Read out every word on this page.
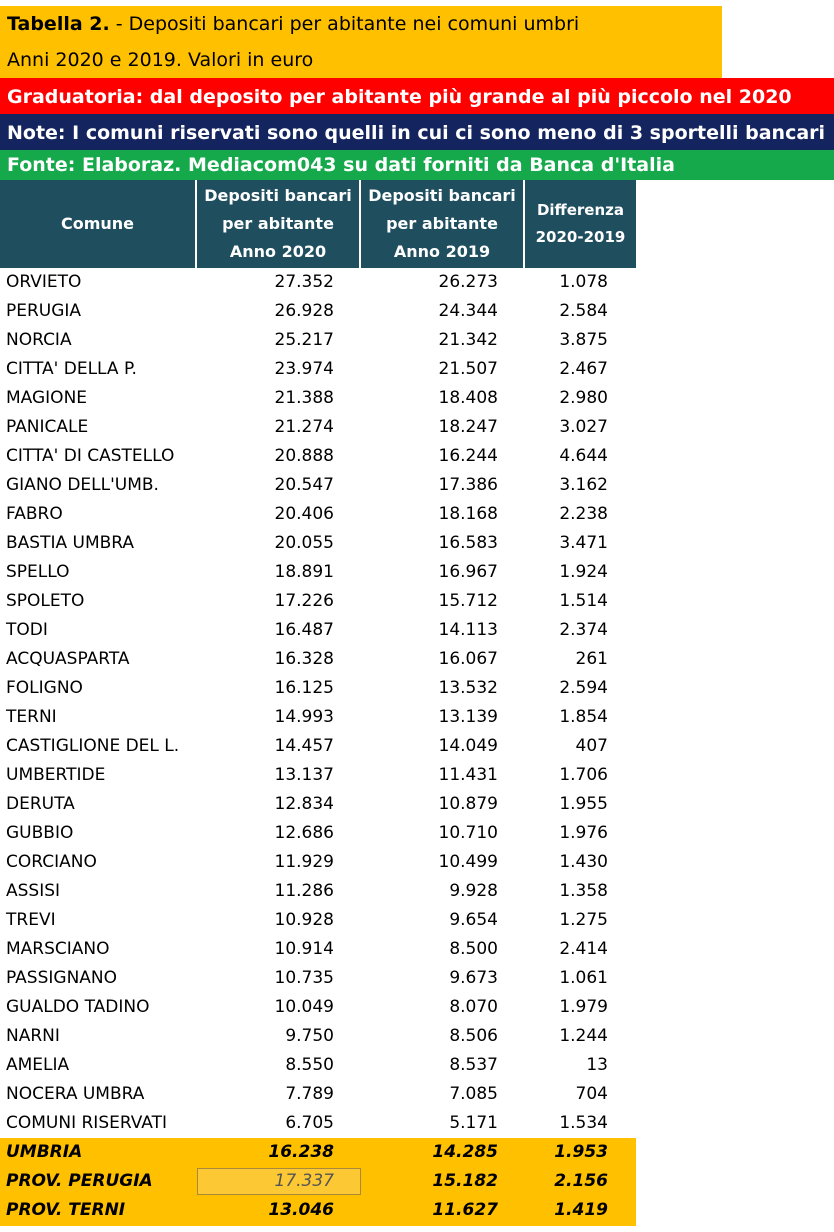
Tabella 2. - Depositi bancari per abitante nei comuni umbri
Anni 2020 e 2019. Valori in euro
Graduatoria: dal deposito per abitante più grande al più piccolo nel 2020
Note: I comuni riservati sono quelli in cui ci sono meno di 3 sportelli bancari
Fonte: Elaboraz. Mediacom043 su dati forniti da Banca d'Italia
Comune
Depositi bancari
per abitante
Anno 2020
Depositi bancari
per abitante
Anno 2019
Differenza
2020-2019
ORVIETO	27.352	26.273	1.078
PERUGIA	26.928	24.344	2.584
NORCIA	25.217	21.342	3.875
CITTA' DELLA P.	23.974	21.507	2.467
MAGIONE	21.388	18.408	2.980
PANICALE	21.274	18.247	3.027
CITTA' DI CASTELLO	20.888	16.244	4.644
GIANO DELL'UMB.	20.547	17.386	3.162
FABRO	20.406	18.168	2.238
BASTIA UMBRA	20.055	16.583	3.471
SPELLO	18.891	16.967	1.924
SPOLETO	17.226	15.712	1.514
TODI	16.487	14.113	2.374
ACQUASPARTA	16.328	16.067	261
FOLIGNO	16.125	13.532	2.594
TERNI	14.993	13.139	1.854
CASTIGLIONE DEL L.	14.457	14.049	407
UMBERTIDE	13.137	11.431	1.706
DERUTA	12.834	10.879	1.955
GUBBIO	12.686	10.710	1.976
CORCIANO	11.929	10.499	1.430
ASSISI	11.286	9.928	1.358
TREVI	10.928	9.654	1.275
MARSCIANO	10.914	8.500	2.414
PASSIGNANO	10.735	9.673	1.061
GUALDO TADINO	10.049	8.070	1.979
NARNI	9.750	8.506	1.244
AMELIA	8.550	8.537	13
NOCERA UMBRA	7.789	7.085	704
COMUNI RISERVATI	6.705	5.171	1.534
UMBRIA	16.238	14.285	1.953
PROV. PERUGIA	17.337	15.182	2.156
PROV. TERNI	13.046	11.627	1.419
